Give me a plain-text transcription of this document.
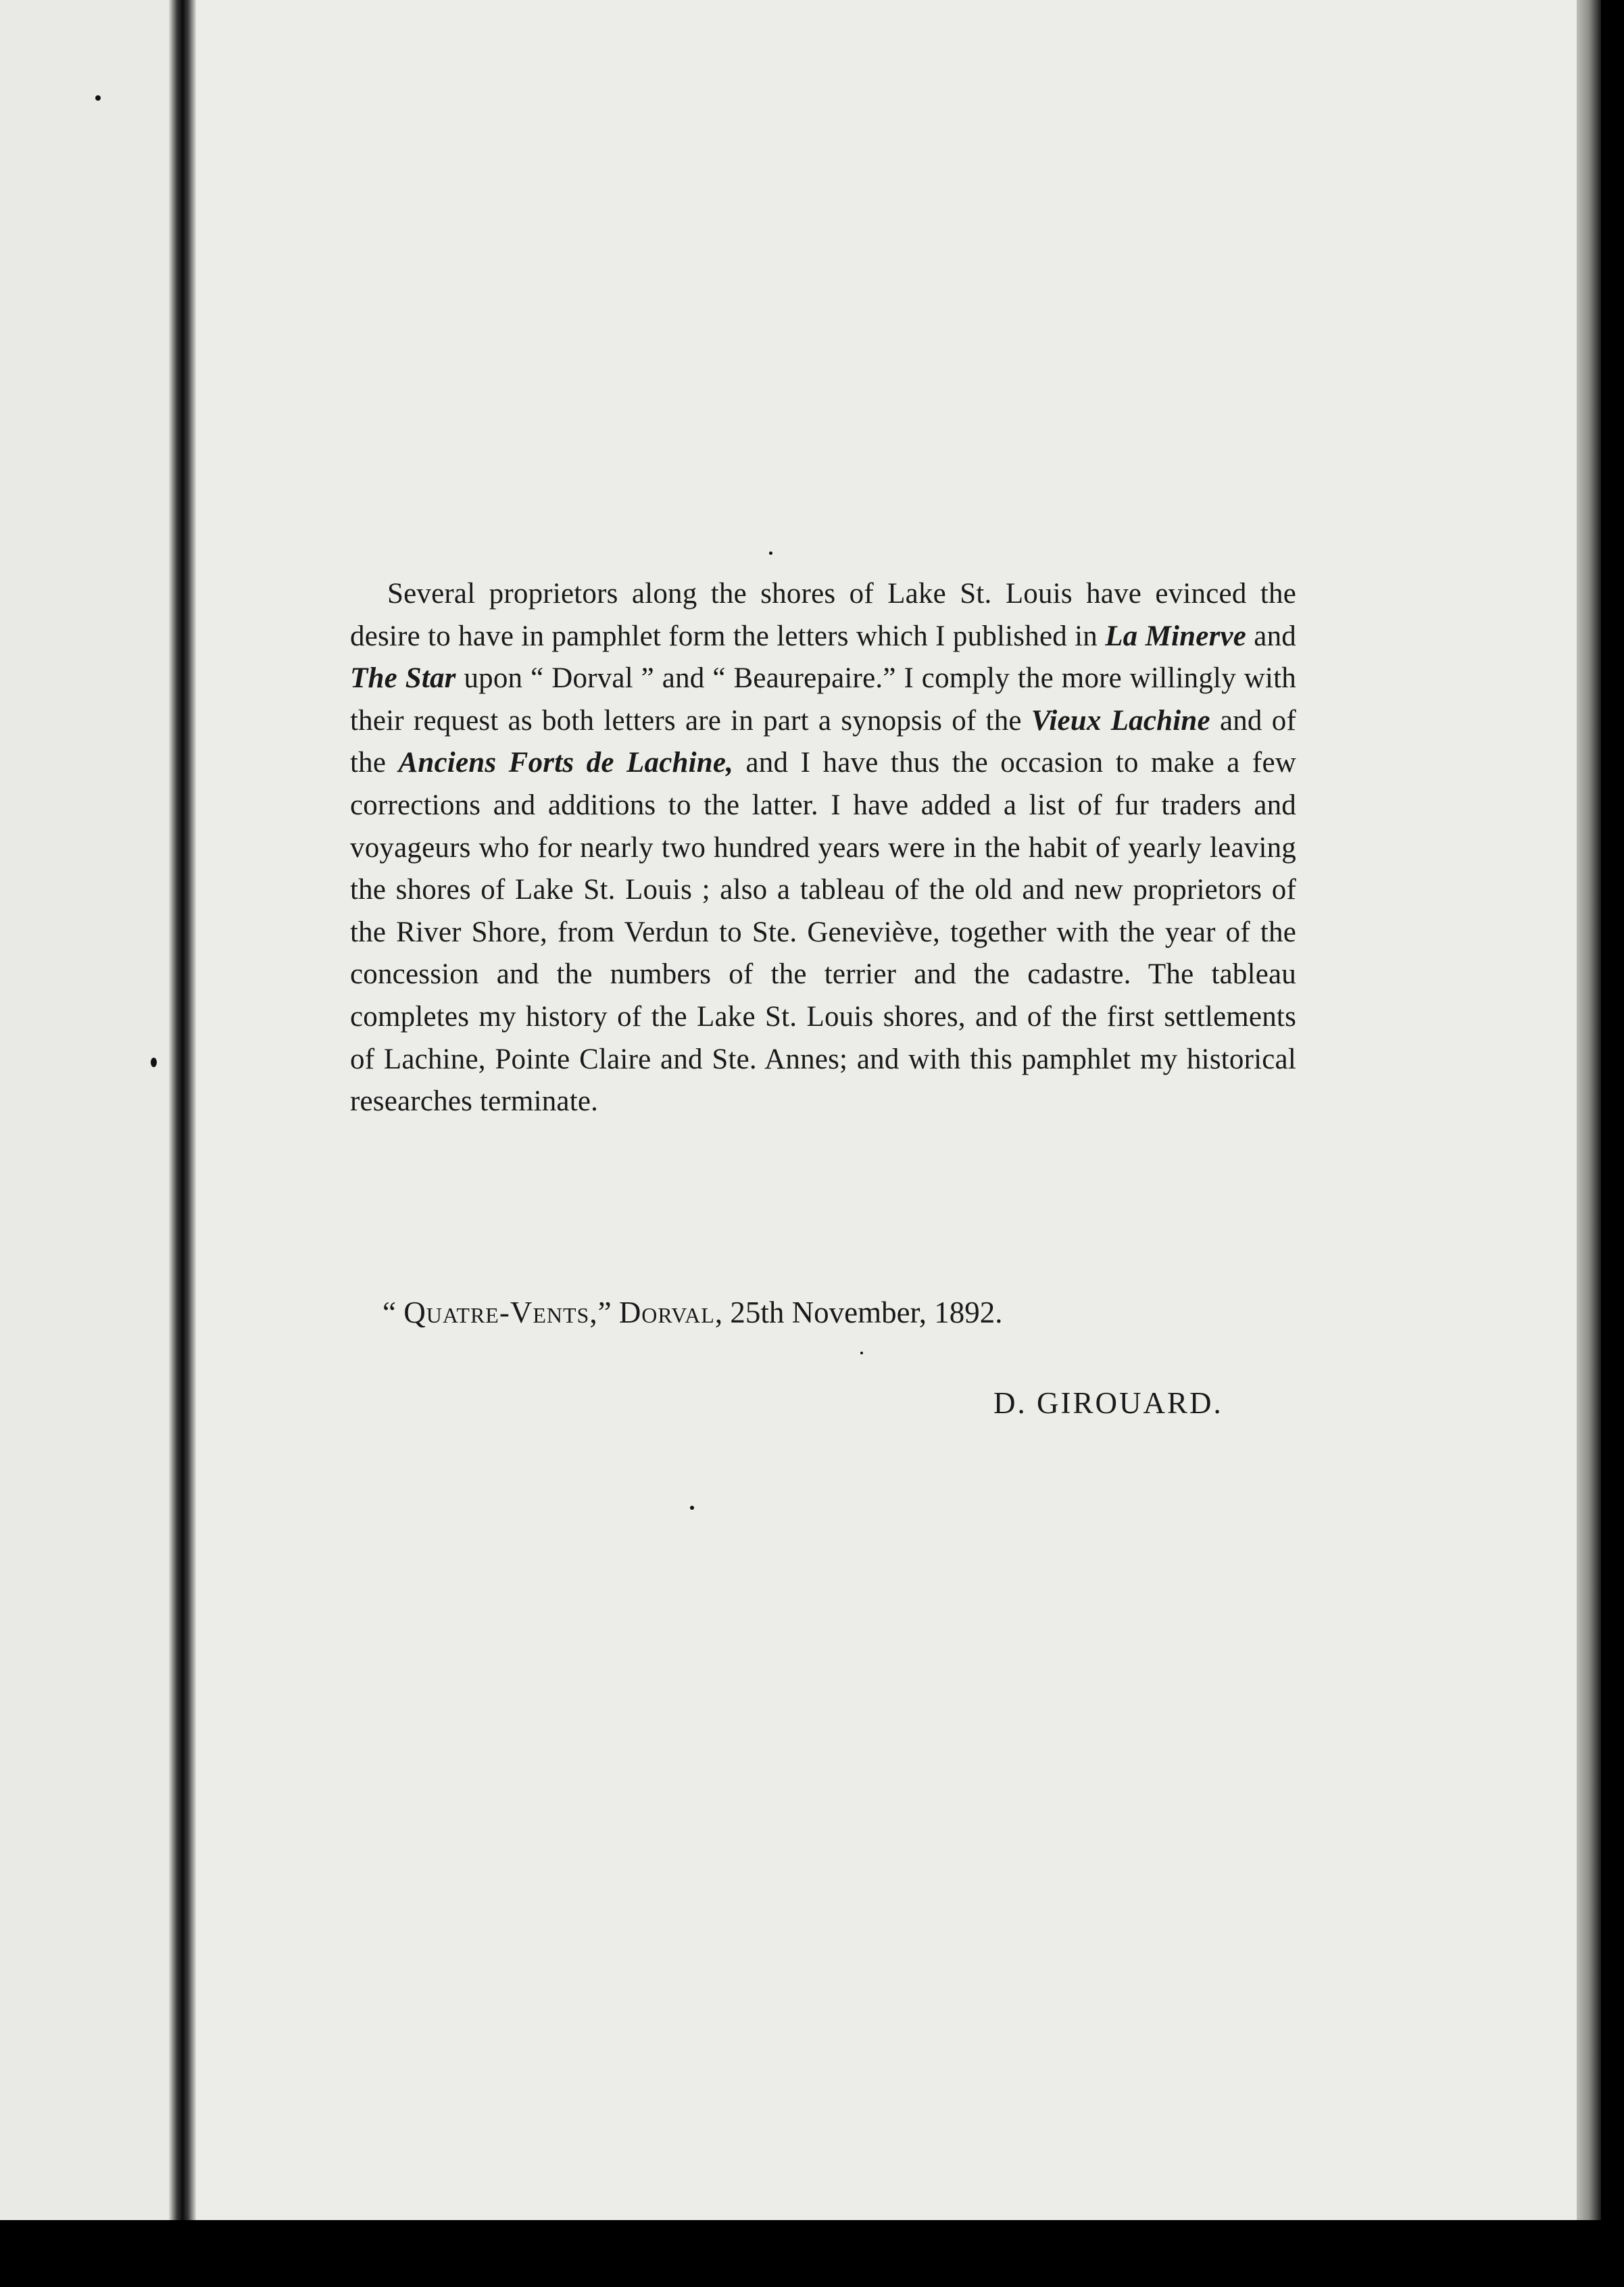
Several proprietors along the shores of Lake St. Louis have evinced the desire to have in pamphlet form the letters which I published in La Minerve and The Star upon “ Dorval ” and “ Beaurepaire.” I comply the more willingly with their request as both letters are in part a synopsis of the Vieux Lachine and of the Anciens Forts de Lachine, and I have thus the occasion to make a few corrections and additions to the latter. I have added a list of fur traders and voyageurs who for nearly two hundred years were in the habit of yearly leaving the shores of Lake St. Louis ; also a tableau of the old and new proprietors of the River Shore, from Verdun to Ste. Geneviève, together with the year of the concession and the numbers of the terrier and the cadastre. The tableau completes my history of the Lake St. Louis shores, and of the first settlements of Lachine, Pointe Claire and Ste. Annes; and with this pamphlet my historical researches terminate.

“ Quatre-Vents,” Dorval, 25th November, 1892.
D. GIROUARD.
